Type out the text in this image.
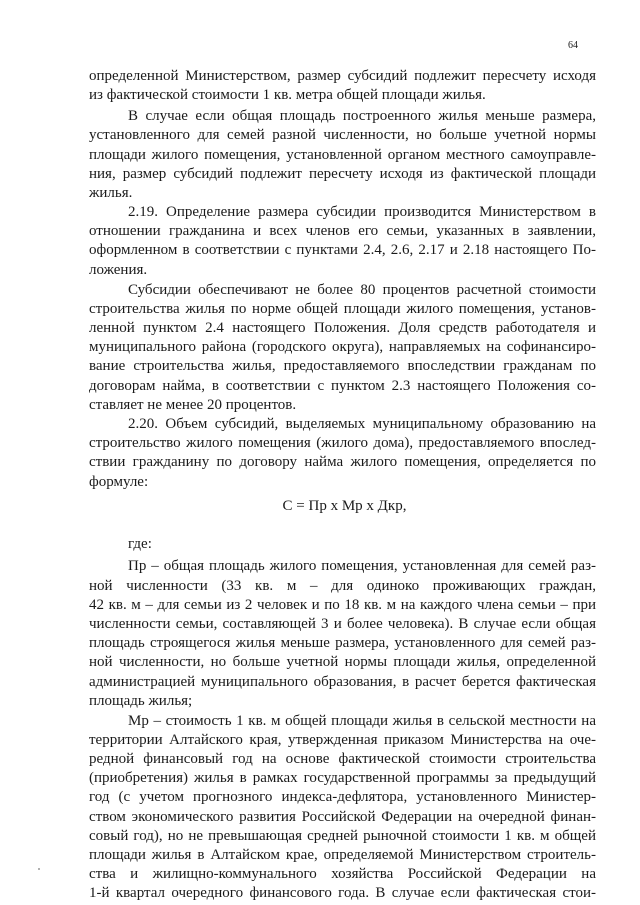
64

определенной Министерством, размер субсидий подлежит пересчету исходя

из фактической стоимости 1 кв. метра общей площади жилья.

В случае если общая площадь построенного жилья меньше размера,

установленного для семей разной численности, но больше учетной нормы

площади жилого помещения, установленной органом местного самоуправле-

ния, размер субсидий подлежит пересчету исходя из фактической площади

жилья.

2.19. Определение размера субсидии производится Министерством в

отношении гражданина и всех членов его семьи, указанных в заявлении,

оформленном в соответствии с пунктами 2.4, 2.6, 2.17 и 2.18 настоящего По-

ложения.

Субсидии обеспечивают не более 80 процентов расчетной стоимости

строительства жилья по норме общей площади жилого помещения, установ-

ленной пунктом 2.4 настоящего Положения. Доля средств работодателя и

муниципального района (городского округа), направляемых на софинансиро-

вание строительства жилья, предоставляемого впоследствии гражданам по

договорам найма, в соответствии с пунктом 2.3 настоящего Положения со-

ставляет не менее 20 процентов.

2.20. Объем субсидий, выделяемых муниципальному образованию на

строительство жилого помещения (жилого дома), предоставляемого впослед-

ствии гражданину по договору найма жилого помещения, определяется по

формуле:

С = Пр х Мр х Дкр,

где:

Пр – общая площадь жилого помещения, установленная для семей раз-

ной численности (33 кв. м – для одиноко проживающих граждан,

42 кв. м – для семьи из 2 человек и по 18 кв. м на каждого члена семьи – при

численности семьи, составляющей 3 и более человека). В случае если общая

площадь строящегося жилья меньше размера, установленного для семей раз-

ной численности, но больше учетной нормы площади жилья, определенной

администрацией муниципального образования, в расчет берется фактическая

площадь жилья;

Мр – стоимость 1 кв. м общей площади жилья в сельской местности на

территории Алтайского края, утвержденная приказом Министерства на оче-

редной финансовый год на основе фактической стоимости строительства

(приобретения) жилья в рамках государственной программы за предыдущий

год (с учетом прогнозного индекса-дефлятора, установленного Министер-

ством экономического развития Российской Федерации на очередной финан-

совый год), но не превышающая средней рыночной стоимости 1 кв. м общей

площади жилья в Алтайском крае, определяемой Министерством строитель-

ства и жилищно-коммунального хозяйства Российской Федерации на

1-й квартал очередного финансового года. В случае если фактическая стои-
